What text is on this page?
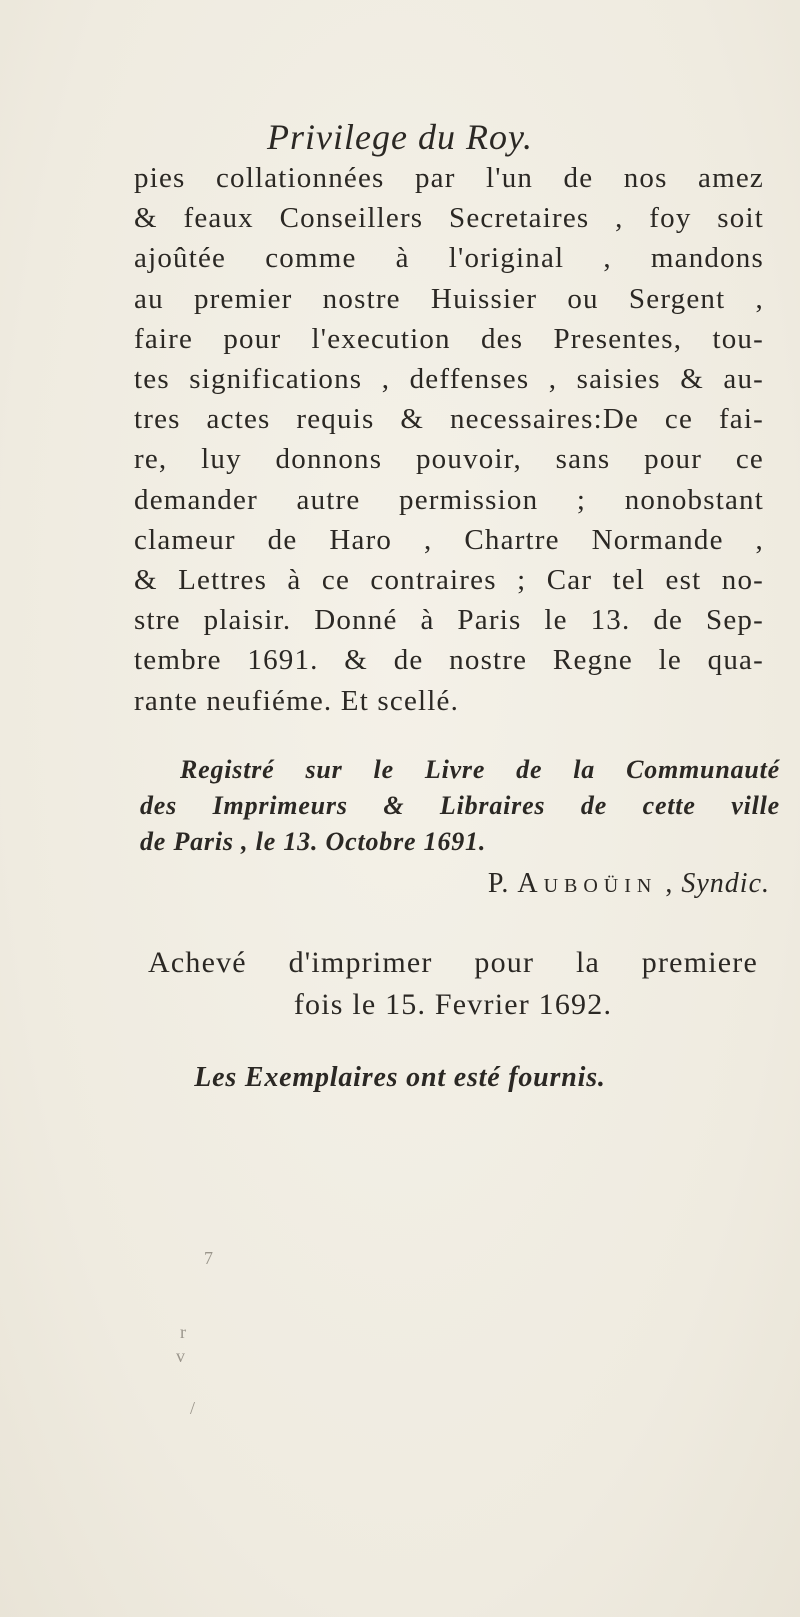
Privilege du Roy.
pies collationnées par l'un de nos amez
& feaux Conseillers Secretaires , foy soit
ajoûtée comme à l'original , mandons
au premier nostre Huissier ou Sergent ,
faire pour l'execution des Presentes, tou-
tes significations , deffenses , saisies & au-
tres actes requis & necessaires:De ce fai-
re, luy donnons pouvoir, sans pour ce
demander autre permission ; nonobstant
clameur de Haro , Chartre Normande ,
& Lettres à ce contraires ; Car tel est no-
stre plaisir. Donné à Paris le 13. de Sep-
tembre 1691. & de nostre Regne le qua-
rante neufiéme. Et scellé.
Registré sur le Livre de la Communauté
des Imprimeurs & Libraires de cette ville
de Paris , le 13. Octobre 1691.
P. Auboüin , Syndic.
Achevé d'imprimer pour la premiere
fois le 15. Fevrier 1692.
Les Exemplaires ont esté fournis.
7
r
v
/
